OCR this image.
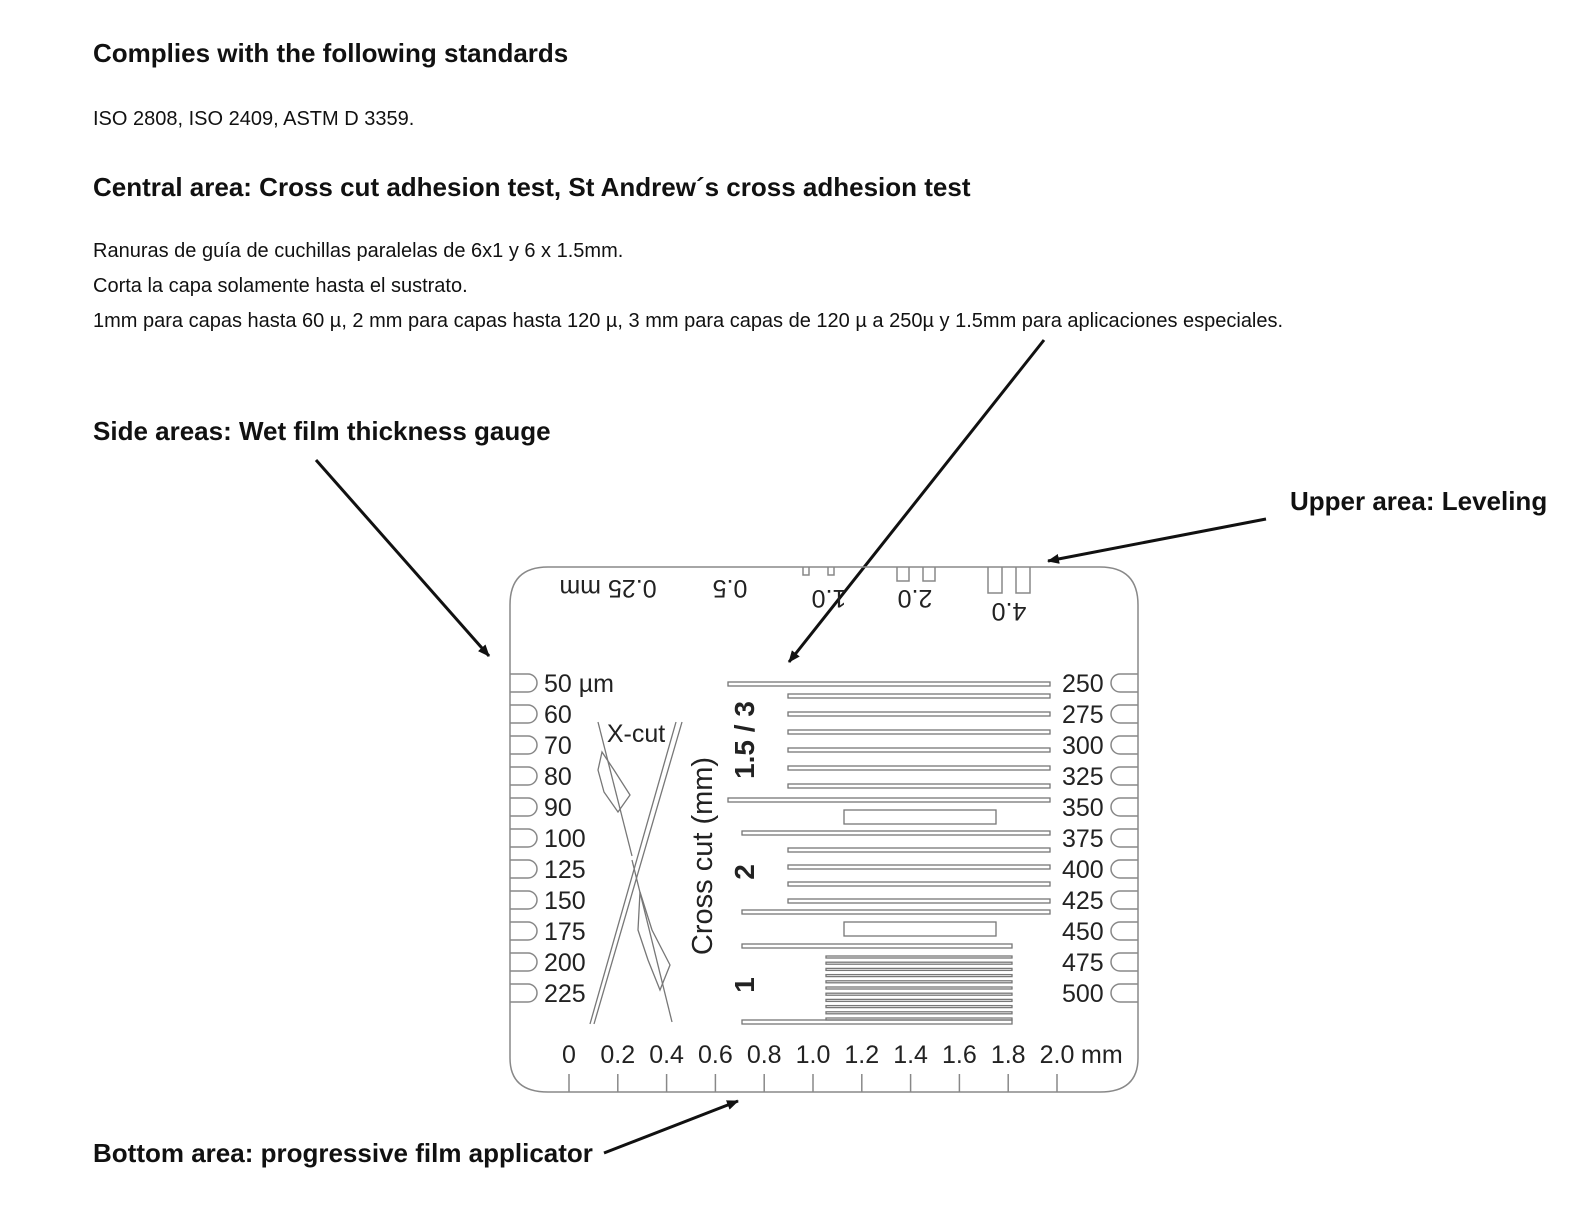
Complies with the following standards
ISO 2808, ISO 2409, ASTM D 3359.
Central area: Cross cut adhesion test, St Andrew´s cross adhesion test
Ranuras de guía de cuchillas paralelas de 6x1 y 6 x 1.5mm.
Corta la capa solamente hasta el sustrato.
1mm para capas hasta 60 µ, 2 mm para capas hasta 120 µ, 3 mm para capas de 120 µ a 250µ y 1.5mm para aplicaciones especiales.
Side areas: Wet film thickness gauge
Upper area: Leveling
Bottom area: progressive film applicator
0.25 mm 0.5	1.0 2.0 4.0
50 µm
60
70
80
90
100
125
150
175
200
225
250
275
300
325
350
375
400
425
450
475
500
X-cut
Cross cut (mm)
1.5 / 3
2
1
0 0.2 0.4 0.6 0.8 1.0 1.2 1.4 1.6 1.8 2.0 mm
